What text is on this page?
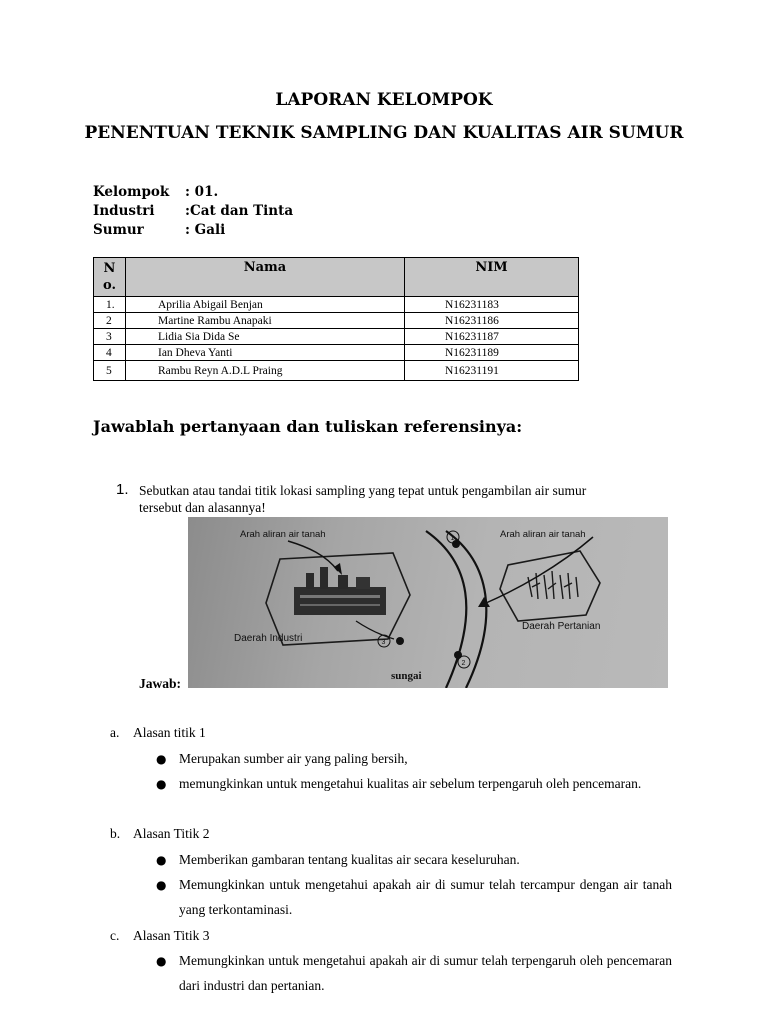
LAPORAN KELOMPOK
PENENTUAN TEKNIK SAMPLING DAN KUALITAS AIR SUMUR
Kelompok : 01.
Industri :Cat dan Tinta
Sumur	: Gali
N o.	Nama	NIM
1.	Aprilia Abigail Benjan	N16231183
2	Martine Rambu Anapaki	N16231186
3	Lidia Sia Dida Se	N16231187
4	Ian Dheva Yanti	N16231189
5	Rambu Reyn A.D.L Praing	N16231191
Jawablah pertanyaan dan tuliskan referensinya:
1. Sebutkan atau tandai titik lokasi sampling yang tepat untuk pengambilan air sumur tersebut dan alasannya!
Jawab:
Arah aliran air tanah	Arah aliran air tanah
Daerah Industri
Daerah Pertanian
sungai
1
3
2
a. Alasan titik 1
● Merupakan sumber air yang paling bersih,
● memungkinkan untuk mengetahui kualitas air sebelum terpengaruh oleh pencemaran.
b. Alasan Titik 2
● Memberikan gambaran tentang kualitas air secara keseluruhan.
● Memungkinkan untuk mengetahui apakah air di sumur telah tercampur dengan air tanah yang terkontaminasi.
c. Alasan Titik 3
● Memungkinkan untuk mengetahui apakah air di sumur telah terpengaruh oleh pencemaran dari industri dan pertanian.
